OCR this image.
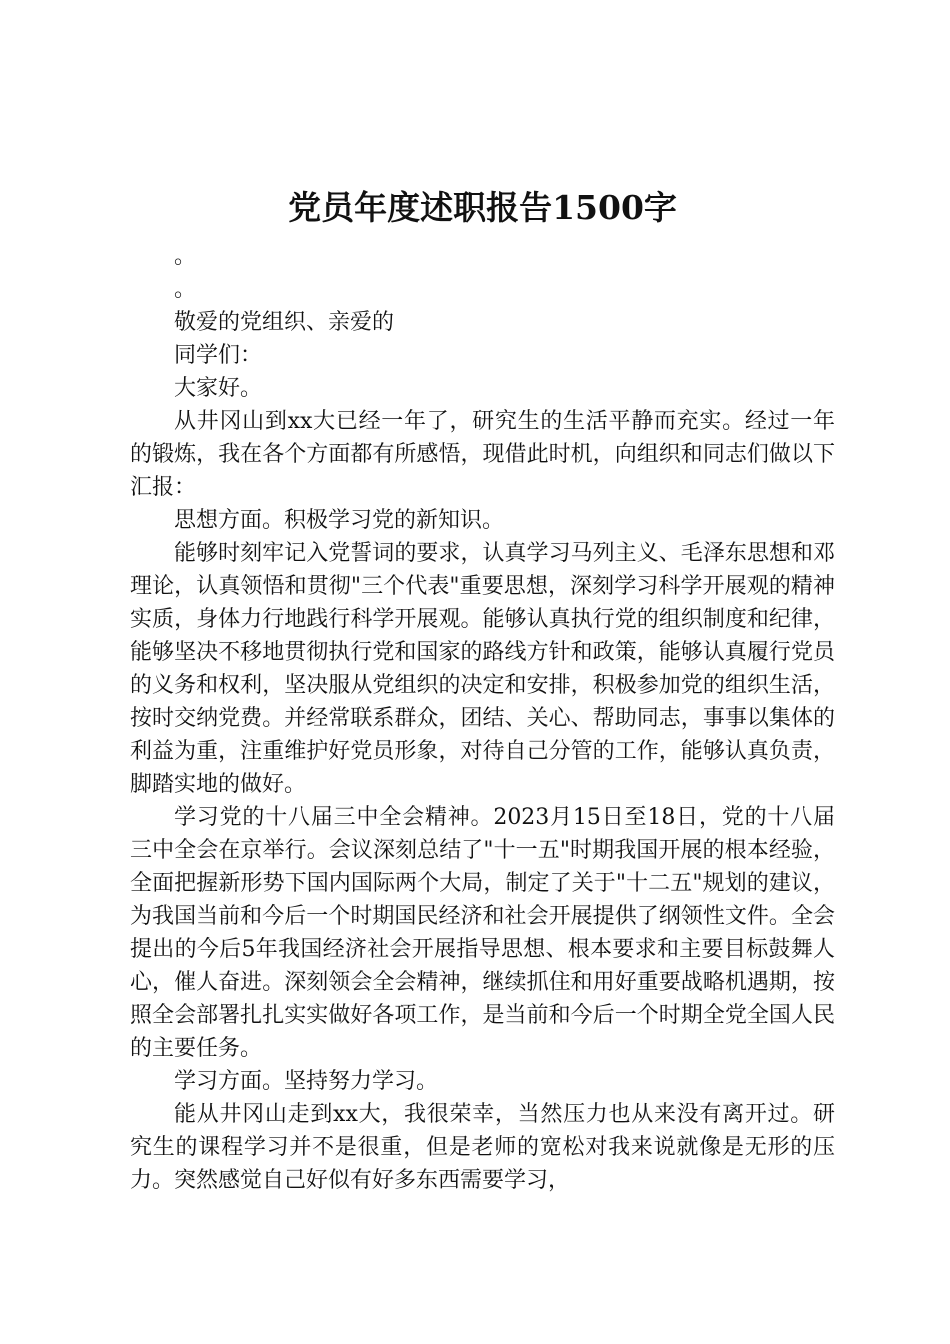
党员年度述职报告1500字

。

。

敬爱的党组织、亲爱的

同学们：

大家好。

从井冈山到xx大已经一年了，研究生的生活平静而充实。经过一年的锻炼，我在各个方面都有所感悟，现借此时机，向组织和同志们做以下汇报：

思想方面。积极学习党的新知识。

能够时刻牢记入党誓词的要求，认真学习马列主义、毛泽东思想和邓理论，认真领悟和贯彻"三个代表"重要思想，深刻学习科学开展观的精神实质，身体力行地践行科学开展观。能够认真执行党的组织制度和纪律，能够坚决不移地贯彻执行党和国家的路线方针和政策，能够认真履行党员的义务和权利，坚决服从党组织的决定和安排，积极参加党的组织生活，按时交纳党费。并经常联系群众，团结、关心、帮助同志，事事以集体的利益为重，注重维护好党员形象，对待自己分管的工作，能够认真负责，脚踏实地的做好。

学习党的十八届三中全会精神。2023月15日至18日，党的十八届三中全会在京举行。会议深刻总结了"十一五"时期我国开展的根本经验，全面把握新形势下国内国际两个大局，制定了关于"十二五"规划的建议，为我国当前和今后一个时期国民经济和社会开展提供了纲领性文件。全会提出的今后5年我国经济社会开展指导思想、根本要求和主要目标鼓舞人心，催人奋进。深刻领会全会精神，继续抓住和用好重要战略机遇期，按照全会部署扎扎实实做好各项工作，是当前和今后一个时期全党全国人民的主要任务。

学习方面。坚持努力学习。

能从井冈山走到xx大，我很荣幸，当然压力也从来没有离开过。研究生的课程学习并不是很重，但是老师的宽松对我来说就像是无形的压力。突然感觉自己好似有好多东西需要学习，
